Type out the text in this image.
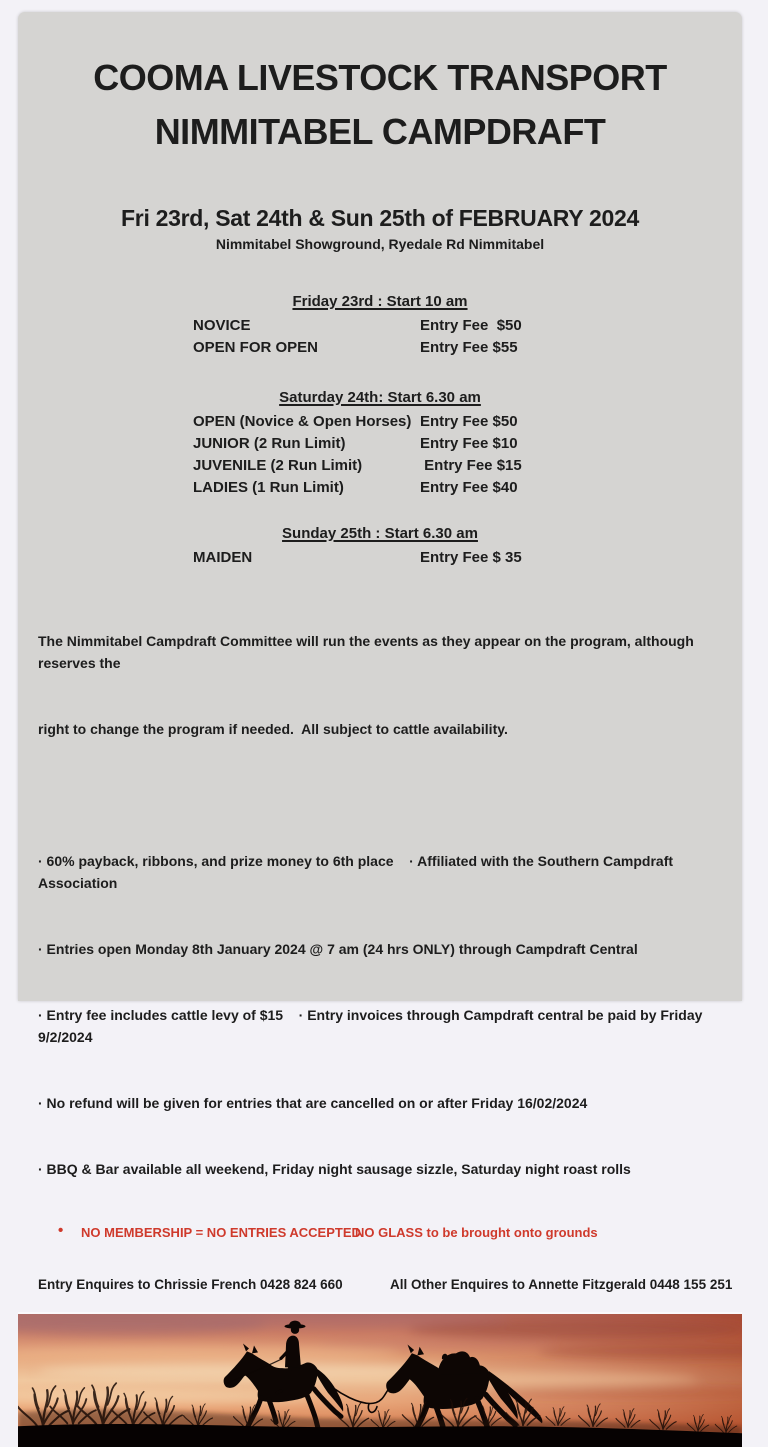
COOMA LIVESTOCK TRANSPORT
NIMMITABEL CAMPDRAFT
Fri 23rd, Sat 24th & Sun 25th of FEBRUARY 2024
Nimmitabel Showground, Ryedale Rd Nimmitabel
Friday 23rd : Start 10 am
NOVICE	Entry Fee  $50
OPEN FOR OPEN	Entry Fee $55
Saturday 24th: Start 6.30 am
OPEN (Novice & Open Horses) Entry Fee $50
JUNIOR (2 Run Limit)	Entry Fee $10
JUVENILE (2 Run Limit)	Entry Fee $15
LADIES (1 Run Limit)	Entry Fee $40
Sunday 25th : Start 6.30 am
MAIDEN	Entry Fee $ 35

The Nimmitabel Campdraft Committee will run the events as they appear on the program, although reserves the

right to change the program if needed.  All subject to cattle availability.

· 60% payback, ribbons, and prize money to 6th place    · Affiliated with the Southern Campdraft Association

· Entries open Monday 8th January 2024 @ 7 am (24 hrs ONLY) through Campdraft Central

· Entry fee includes cattle levy of $15    · Entry invoices through Campdraft central be paid by Friday 9/2/2024

· No refund will be given for entries that are cancelled on or after Friday 16/02/2024

· BBQ & Bar available all weekend, Friday night sausage sizzle, Saturday night roast rolls

• NO MEMBERSHIP = NO ENTRIES ACCEPTED
NO GLASS to be brought onto grounds
Entry Enquires to Chrissie French 0428 824 660	All Other Enquires to Annette Fitzgerald 0448 155 251
